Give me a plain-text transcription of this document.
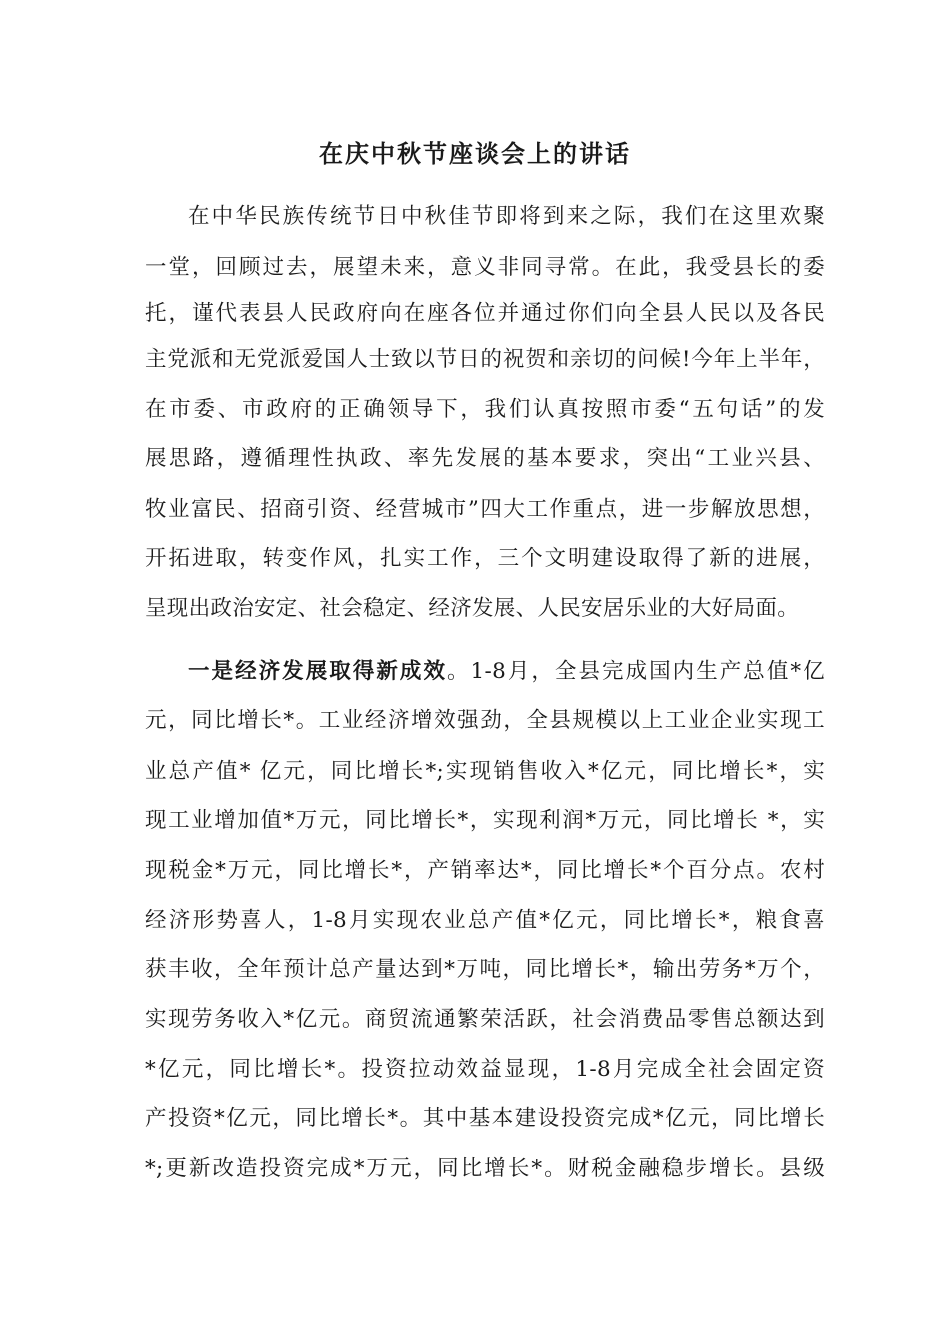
在庆中秋节座谈会上的讲话
在中华民族传统节日中秋佳节即将到来之际，我们在这里欢聚
一堂，回顾过去，展望未来，意义非同寻常。在此，我受县长的委
托，谨代表县人民政府向在座各位并通过你们向全县人民以及各民
主党派和无党派爱国人士致以节日的祝贺和亲切的问候!今年上半年，
在市委、市政府的正确领导下，我们认真按照市委“五句话”的发
展思路，遵循理性执政、率先发展的基本要求，突出“工业兴县、
牧业富民、招商引资、经营城市”四大工作重点，进一步解放思想，
开拓进取，转变作风，扎实工作，三个文明建设取得了新的进展，
呈现出政治安定、社会稳定、经济发展、人民安居乐业的大好局面。
一是经济发展取得新成效。1-8月，全县完成国内生产总值*亿
元，同比增长*。工业经济增效强劲，全县规模以上工业企业实现工
业总产值* 亿元，同比增长*;实现销售收入*亿元，同比增长*，实
现工业增加值*万元，同比增长*，实现利润*万元，同比增长 *，实
现税金*万元，同比增长*，产销率达*，同比增长*个百分点。农村
经济形势喜人，1-8月实现农业总产值*亿元，同比增长*，粮食喜
获丰收，全年预计总产量达到*万吨，同比增长*，输出劳务*万个，
实现劳务收入*亿元。商贸流通繁荣活跃，社会消费品零售总额达到
*亿元，同比增长*。投资拉动效益显现，1-8月完成全社会固定资
产投资*亿元，同比增长*。其中基本建设投资完成*亿元，同比增长
*;更新改造投资完成*万元，同比增长*。财税金融稳步增长。县级
